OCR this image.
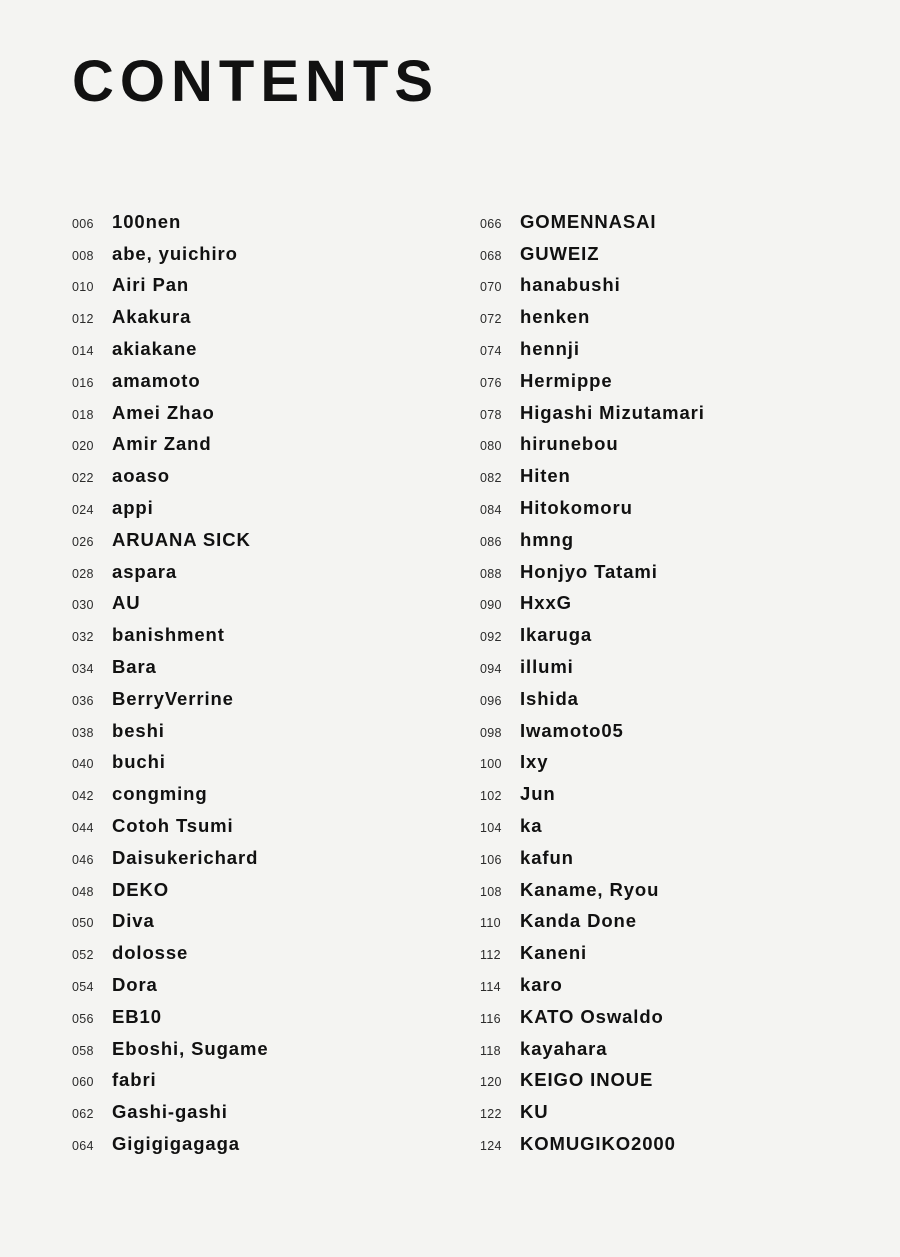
CONTENTS
006 100nen
008 abe, yuichiro
010 Airi Pan
012 Akakura
014 akiakane
016 amamoto
018 Amei Zhao
020 Amir Zand
022 aoaso
024 appi
026 ARUANA SICK
028 aspara
030 AU
032 banishment
034 Bara
036 BerryVerrine
038 beshi
040 buchi
042 congming
044 Cotoh Tsumi
046 Daisukerichard
048 DEKO
050 Diva
052 dolosse
054 Dora
056 EB10
058 Eboshi, Sugame
060 fabri
062 Gashi-gashi
064 Gigigigagaga
066 GOMENNASAI
068 GUWEIZ
070 hanabushi
072 henken
074 hennji
076 Hermippe
078 Higashi Mizutamari
080 hirunebou
082 Hiten
084 Hitokomoru
086 hmng
088 Honjyo Tatami
090 HxxG
092 Ikaruga
094 illumi
096 Ishida
098 Iwamoto05
100 Ixy
102 Jun
104 ka
106 kafun
108 Kaname, Ryou
110	Kanda Done
112	Kaneni
114	karo
116	KATO Oswaldo
118	kayahara
120 KEIGO INOUE
122 KU
124 KOMUGIKO2000
